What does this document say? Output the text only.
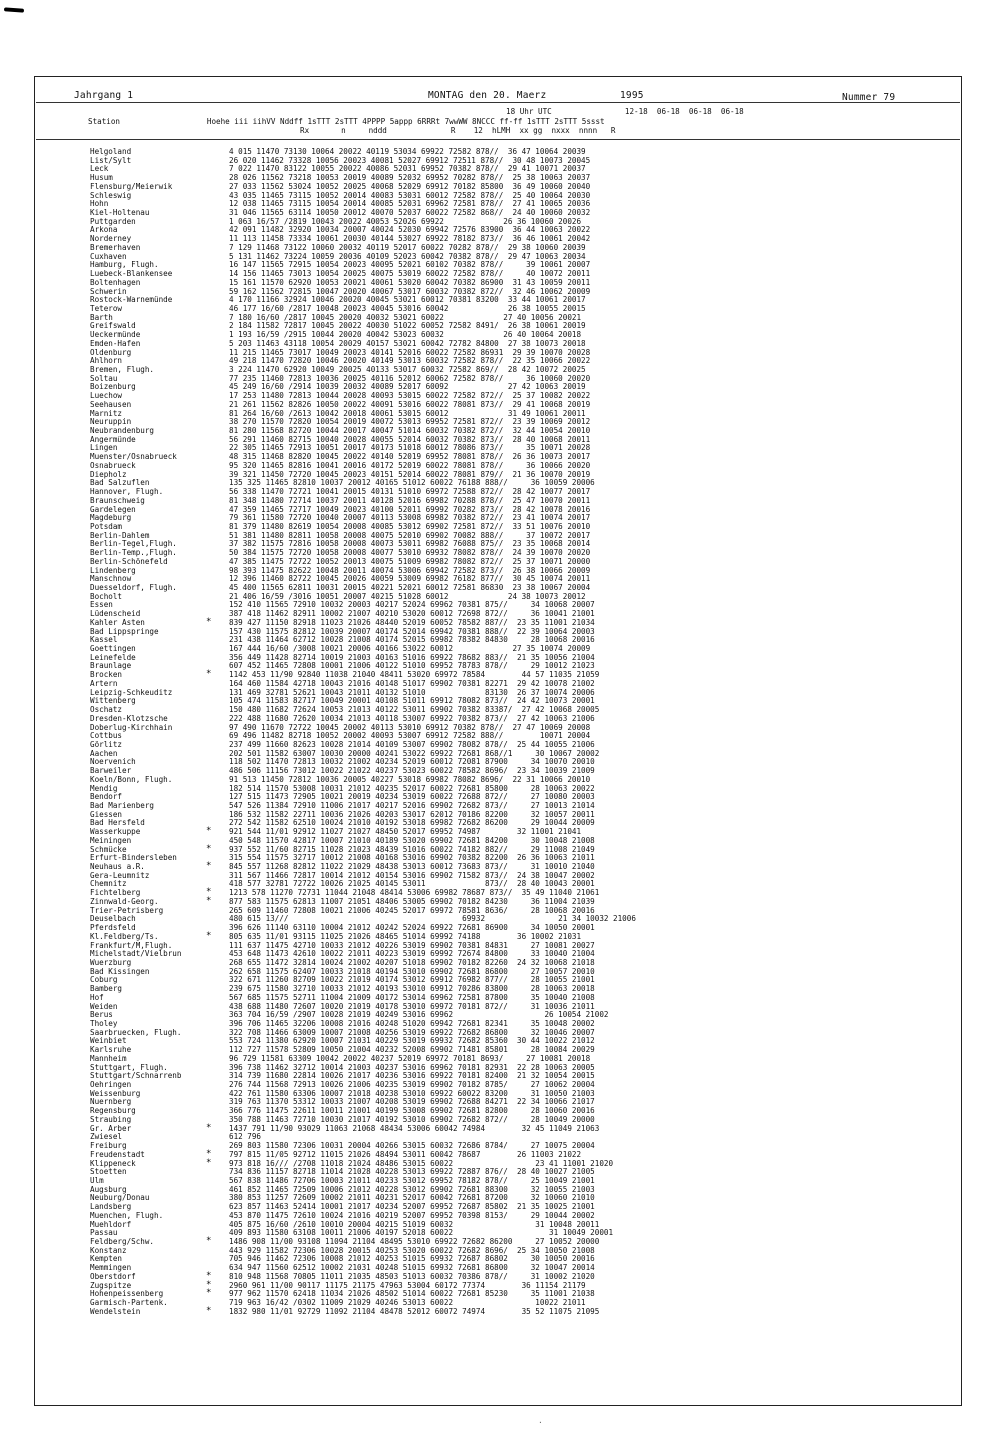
Jahrgang 1	MONTAG den 20. Maerz	1995	Nummer 79
18 Uhr UTC                12-18  06-18  06-18  06-18
Station                   Hoehe iii iihVV Nddff 1sTTT 2sTTT 4PPPP 5appp 6RRRt 7wwWW 8NCCC ff-ff 1sTTT 2sTTT 5ssst
Rx       n     nddd              R    12  hLMH  xx gg  nxxx  nnnn   R
Helgoland	4 015 11470 73130 10064 20022 40119 53034 69922 72582 878//  36 47 10064 20039
List/Sylt	26 020 11462 73328 10056 20023 40081 52027 69912 72511 878//  30 48 10073 20045
Leck	7 022 11470 83122 10055 20022 40086 52031 69952 70382 878//  29 41 10071 20037
Husum	28 026 11562 73218 10053 20019 40089 52032 69952 70282 878//  25 38 10063 20037
Flensburg/Meierwik	27 033 11562 53024 10052 20025 40068 52029 69912 70182 85800  36 49 10060 20040
Schleswig	43 035 11465 73115 10052 20014 40083 53031 60012 72582 878//  25 40 10064 20030
Hohn	12 038 11465 73115 10054 20014 40085 52031 69962 72581 878//  27 41 10065 20036
Kiel-Holtenau	31 046 11565 63114 10050 20012 40070 52037 60022 72582 868//  24 40 10060 20032
Puttgarden	1 063 16/57 /2819 10043 20022 40053 52026 69922             26 36 10060 20026
Arkona	42 091 11482 32920 10034 20007 40024 52030 69942 72576 83900  36 44 10063 20022
Norderney	11 113 11458 73334 10061 20030 40144 53027 69922 78182 873//  36 46 10061 20042
Bremerhaven	7 129 11468 73122 10060 20032 40119 52017 60022 70282 878//  29 38 10060 20039
Cuxhaven	5 131 11462 73224 10059 20036 40109 52023 60042 70382 878//  29 47 10063 20034
Hamburg, Flugh.	16 147 11565 72915 10054 20023 40095 52021 60102 70382 878//     39 10061 20007
Luebeck-Blankensee	14 156 11465 73013 10054 20025 40075 53019 60022 72582 878//     40 10072 20011
Boltenhagen	15 161 11570 62920 10053 20021 40061 53020 60042 70382 86900  31 43 10059 20011
Schwerin	59 162 11562 72815 10047 20020 40067 53017 60032 70382 872//  32 46 10062 20009
Rostock-Warnemünde	4 170 11166 32924 10046 20020 40045 53021 60012 70381 83200  33 44 10061 20017
Teterow	46 177 16/60 /2817 10048 20023 40045 53016 60042             26 38 10055 20015
Barth	7 180 16/60 /2817 10045 20020 40032 53021 60022             27 40 10056 20021
Greifswald	2 184 11582 72817 10045 20022 40030 51022 60052 72582 8491/  26 38 10061 20019
Ueckermünde	1 193 16/59 /2915 10044 20020 40042 53023 60032             26 40 10064 20018
Emden-Hafen	5 203 11463 43118 10054 20029 40157 53021 60042 72782 84800  27 38 10073 20018
Oldenburg	11 215 11465 73017 10049 20023 40141 52016 60022 72582 86931  29 39 10070 20028
Ahlhorn	49 218 11470 72820 10046 20020 40149 53013 60032 72582 878//  22 35 10066 20022
Bremen, Flugh.	3 224 11470 62920 10049 20025 40133 53017 60032 72582 869//  28 42 10072 20025
Soltau	77 235 11460 72813 10036 20025 40116 52012 60062 72582 878//     36 10060 20020
Boizenburg	45 249 16/60 /2914 10039 20032 40089 52017 60092             27 42 10063 20019
Luechow	17 253 11480 72813 10044 20028 40093 53015 60022 72582 872//  25 37 10082 20022
Seehausen	21 261 11562 82826 10050 20022 40091 53016 60022 78081 873//  29 41 10068 20019
Marnitz	81 264 16/60 /2613 10042 20018 40061 53015 60012             31 49 10061 20011
Neuruppin	38 270 11570 72820 10054 20019 40072 53013 69952 72581 872//  23 39 10069 20012
Neubrandenburg	81 280 11568 82720 10044 20017 40047 51014 60032 70382 872//  32 44 10054 20010
Angermünde	56 291 11460 82715 10040 20028 40055 52014 60032 70382 873//  28 40 10068 20011
Lingen	22 305 11465 72913 10051 20017 40173 51018 60012 78086 873//     35 10071 20028
Muenster/Osnabrueck	48 315 11468 82820 10045 20022 40140 52019 69952 78081 878//  26 36 10073 20017
Osnabrueck	95 320 11465 82816 10041 20016 40172 52019 60022 78081 878//     36 10066 20020
Diepholz	39 321 11450 72720 10045 20023 40151 52014 60022 78081 879//  21 36 10070 20019
Bad Salzuflen	135 325 11465 82810 10037 20012 40165 51012 60022 76188 888//     36 10059 20006
Hannover, Flugh.	56 338 11470 72721 10041 20015 40131 51010 69972 72588 872//  28 42 10077 20017
Braunschweig	81 348 11480 72714 10037 20011 40128 52016 69982 70288 878//  25 47 10070 20011
Gardelegen	47 359 11465 72717 10049 20023 40100 52011 69992 70282 873//  28 42 10078 20016
Magdeburg	79 361 11580 72720 10040 20007 40113 53008 69982 70382 872//  23 41 10074 20017
Potsdam	81 379 11480 82619 10054 20008 40085 53012 69902 72581 872//  33 51 10076 20010
Berlin-Dahlem	51 381 11480 82811 10058 20008 40075 52010 69902 70082 888//     37 10072 20017
Berlin-Tegel,Flugh.	37 382 11575 72816 10058 20008 40073 53011 69982 76088 875//  23 35 10068 20014
Berlin-Temp.,Flugh.	50 384 11575 72720 10058 20008 40077 53010 69932 78082 878//  24 39 10070 20020
Berlin-Schönefeld	47 385 11475 72722 10052 20013 40075 51009 69982 78082 872//  25 37 10071 20000
Lindenberg	98 393 11475 82622 10048 20011 40074 53006 69942 72582 873//  26 38 10066 20009
Manschnow	12 396 11460 82722 10045 20026 40059 53009 69982 76182 877//  30 45 10074 20011
Duesseldorf, Flugh.	45 400 11565 62811 10031 20015 40221 52021 60012 72581 86830  23 38 10067 20004
Bocholt	21 406 16/59 /3016 10051 20007 40215 51028 60012             24 38 10073 20012
Essen	152 410 11565 72910 10032 20003 40217 52024 69962 70381 875//     34 10068 20007
Lüdenscheid	387 418 11462 82911 10002 21007 40210 53020 60012 72698 872//     36 10041 21001
Kahler Asten	* 839 427 11150 82918 11023 21026 48440 52019 60052 78582 887//  23 35 11001 21034
Bad Lippspringe	157 430 11575 82812 10039 20007 40174 52014 69942 70381 888//  22 39 10064 20003
Kassel	231 438 11464 62712 10028 21008 40174 52015 69982 78382 84830     28 10068 20016
Goettingen	167 444 16/60 /3008 10021 20006 40166 53022 60012             27 35 10074 20009
Leinefelde	356 449 11428 82714 10019 21003 40163 51016 69922 78682 883//  21 35 10056 21004
Braunlage	607 452 11465 72808 10001 21006 40122 51010 69952 78783 878//     29 10012 21023
Brocken	* 1142 453 11/90 92840 11038 21040 48411 53020 69972 78584        44 57 11035 21059
Artern	164 460 11584 42718 10043 21016 40148 51017 69902 70381 82271  29 42 10078 21002
Leipzig-Schkeuditz	131 469 32781 52621 10043 21011 40132 51010             83130  26 37 10074 20006
Wittenberg	105 474 11583 82717 10049 20001 40108 51011 69912 78082 873//  24 42 10073 20001
Oschatz	150 480 11682 72624 10053 21013 40122 53011 69902 70382 83387/  27 42 10068 20005
Dresden-Klotzsche	222 488 11680 72620 10034 21013 40118 53007 69922 70382 873//  27 42 10063 21006
Doberlug-Kirchhain	97 490 11670 72722 10045 20002 40113 53010 69912 70382 878//  27 47 10069 20008
Cottbus	69 496 11482 82718 10052 20002 40093 53007 69912 72582 888//        10071 20004
Görlitz	237 499 11660 82623 10028 21014 40109 53007 69902 78082 878//  25 44 10055 21006
Aachen	202 501 11582 63007 10030 20000 40241 53022 69922 72681 868//1     30 10067 20002
Noervenich	118 502 11470 72813 10032 21002 40234 52019 60012 72081 87900     34 10070 20010
Barweiler	486 506 11156 73012 10022 21022 40237 53023 60022 78582 8696/  23 34 10039 21009
Koeln/Bonn, Flugh.	91 513 11450 72812 10036 20005 40227 53018 69982 78082 8696/  22 31 10066 20010
Mendig	182 514 11570 53008 10031 21012 40235 52017 60022 72681 85800     28 10063 20022
Bendorf	127 515 11473 72905 10021 20019 40234 53019 60022 72688 872//     27 10080 20003
Bad Marienberg	547 526 11384 72910 11006 21017 40217 52016 69902 72682 873//     27 10013 21014
Giessen	186 532 11582 22711 10036 21026 40203 53017 62012 70186 82200     32 10057 20011
Bad Hersfeld	272 542 11582 62510 10024 21010 40192 53018 69982 72682 86200     29 10044 20009
Wasserkuppe	* 921 544 11/01 92912 11027 21027 48450 52017 69952 74987        32 11001 21041
Meiningen	450 548 11570 42817 10007 21010 40189 53020 69902 72681 84200     30 10048 21008
Schmücke	* 937 552 11/60 82715 11028 21023 48439 51016 60022 74182 882//     29 11008 21049
Erfurt-Bindersleben	315 554 11575 32717 10012 21008 40168 53016 69902 70382 82200  26 36 10063 21011
Neuhaus a.R.	* 845 557 11268 82812 11022 21029 48438 53013 60012 73683 873//     31 10010 21040
Gera-Leumnitz	311 567 11466 72817 10014 21012 40154 53016 69902 71582 873//  24 38 10047 20002
Chemnitz	418 577 32781 72722 10026 21025 40145 53011             873//  28 40 10043 20001
Fichtelberg	* 1213 578 11270 72731 11044 21048 48414 53006 69982 78687 873//  35 49 11040 21061
Zinnwald-Georg.	* 877 583 11575 62813 11007 21051 48406 53005 69902 70182 84230     36 11004 21039
Trier-Petrisberg	265 609 11460 72808 10021 21006 40245 52017 69972 78581 8636/     28 10068 20016
Deuselbach	480 615 13///                                      69932                21 34 10032 21006
Pferdsfeld	396 626 11140 63110 10004 21012 40242 52024 69922 72681 86900     34 10050 20001
Kl.Feldberg/Ts.	* 805 635 11/01 93115 11025 21026 48465 51014 69992 74188        36 10002 21031
Frankfurt/M,Flugh.	111 637 11475 42710 10033 21012 40226 53019 69902 70381 84831     27 10081 20027
Michelstadt/Vielbrun	453 648 11473 42610 10022 21011 40223 53019 69992 72674 84800     33 10040 21004
Wuerzburg	268 655 11472 32814 10024 21002 40207 51018 69902 70182 82260  24 32 10068 21018
Bad Kissingen	262 658 11575 62407 10033 21018 40194 53010 69902 72681 86800     27 10057 20010
Coburg	322 671 11260 82709 10022 21019 40174 53012 69912 76982 877//     28 10055 21001
Bamberg	239 675 11580 32710 10033 21012 40193 53010 69912 70286 83800     28 10063 20018
Hof	567 685 11575 52711 11004 21009 40172 53014 69962 72581 87800     35 10040 21008
Weiden	438 688 11480 72607 10020 21019 40178 53010 69972 70181 872//     31 10036 21011
Berus	363 704 16/59 /2907 10028 21019 40249 53016 69962                    26 10054 21002
Tholey	396 706 11465 32206 10008 21016 40248 51020 69942 72681 82341     35 10048 20002
Saarbruecken, Flugh.	322 708 11466 63009 10007 21008 40256 53019 69922 72682 86800     32 10046 20007
Weinbiet	553 724 11380 62920 10007 21031 40229 53019 69932 72682 85360  30 44 10022 21012
Karlsruhe	112 727 11578 52809 10050 21004 40232 52008 69902 71481 85801     28 10084 20029
Mannheim	96 729 11581 63309 10042 20022 40237 52019 69972 70181 8693/     27 10081 20018
Stuttgart, Flugh.	396 738 11462 32712 10014 21003 40237 53016 69962 70181 82931  22 28 10063 20005
Stuttgart/Schnarrenb	314 739 11680 22814 10026 21017 40236 53016 69922 70181 82400  21 32 10054 20015
Oehringen	276 744 11568 72913 10026 21006 40235 53019 69902 70182 8785/     27 10062 20004
Weissenburg	422 761 11580 63306 10007 21018 40238 53010 69922 60022 83200     31 10050 21003
Nuernberg	319 763 11370 53312 10033 21007 40208 53019 69902 72688 84271  22 34 10066 21017
Regensburg	366 776 11475 22611 10011 21001 40199 53008 69902 72681 82800     28 10060 20016
Straubing	350 788 11463 72710 10030 21017 40192 53010 69902 72682 872//     28 10049 20000
Gr. Arber	* 1437 791 11/90 93029 11063 21068 48434 53006 60042 74984        32 45 11049 21063
Zwiesel	612 796
Freiburg	269 803 11580 72306 10031 20004 40266 53015 60032 72686 8784/     27 10075 20004
Freudenstadt	* 797 815 11/05 92712 11015 21026 48494 53011 60042 78687        26 11003 21022
Klippeneck	* 973 818 16/// /2708 11018 21024 48486 53015 60022                  23 41 11001 21020
Stoetten	734 836 11157 82718 11014 21028 40228 53013 69922 72887 876//  28 40 10027 21005
Ulm	567 838 11486 72706 10003 21011 40233 53012 69952 78182 878//     25 10049 21001
Augsburg	461 852 11465 72509 10006 21012 40228 53012 69902 72681 88300     32 10055 21003
Neuburg/Donau	380 853 11257 72609 10002 21011 40231 52017 60042 72681 87200     32 10060 21010
Landsberg	623 857 11463 52414 10001 21017 40234 52007 69952 72687 85802  21 35 10025 21001
Muenchen, Flugh.	453 870 11475 72610 10024 21016 40219 52007 69952 70398 8153/     29 10044 20002
Muehldorf	405 875 16/60 /2610 10010 20004 40215 51019 60032                  31 10048 20011
Passau	409 893 11580 63108 10011 21006 40197 52018 60022                     31 10049 20001
Feldberg/Schw.	* 1486 908 11/00 93108 11094 21104 48495 53010 69922 72682 86200     27 10052 20000
Konstanz	443 929 11582 72306 10028 20015 40253 53020 60022 72682 8696/  25 34 10050 21008
Kempten	705 946 11462 72306 10008 21012 40253 51015 69932 72687 86802     30 10050 20016
Memmingen	634 947 11560 62512 10002 21031 40248 51015 69932 72681 86800     32 10047 20014
Oberstdorf	* 810 948 11568 70805 11011 21035 48503 51013 60032 70386 878//     31 10002 21020
Zugspitze	* 2960 961 11/00 90117 11175 21175 47963 53004 60172 77374        36 11154 21179
Hohenpeissenberg	* 977 962 11570 62418 11034 21026 48502 51014 60022 72681 85230     35 11001 21038
Garmisch-Partenk.	719 963 16/42 /0302 11009 21029 40246 53013 60022                  10022 21011
Wendelstein	* 1832 980 11/01 92729 11092 21104 48478 52012 60072 74974        35 52 11075 21095
·
